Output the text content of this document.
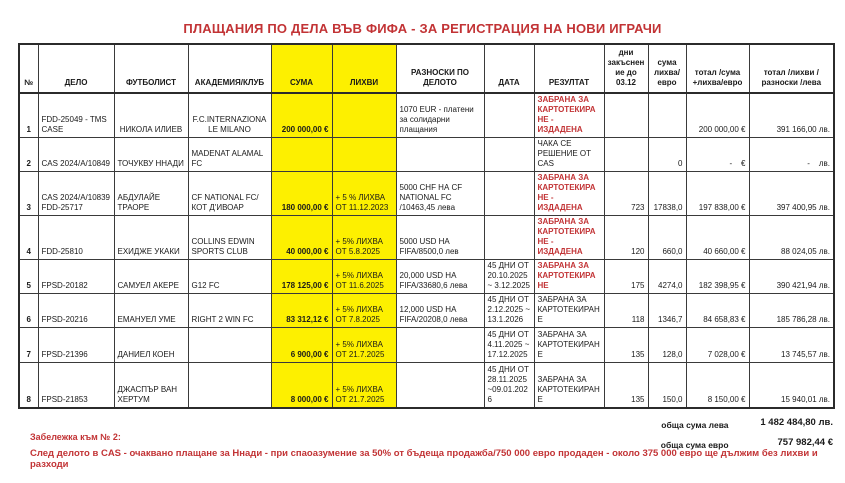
ПЛАЩАНИЯ ПО ДЕЛА ВЪВ ФИФА - ЗА РЕГИСТРАЦИЯ НА НОВИ ИГРАЧИ
№	ДЕЛО	ФУТБОЛИСТ	АКАДЕМИЯ/КЛУБ	СУМА	ЛИХВИ	РАЗНОСКИ ПО ДЕЛОТО	ДАТА	РЕЗУЛТАТ	дни закъснение до 03.12	сума лихва/евро	тотал /сума +лихва/евро	тотал /лихви /разноски /лева
1	FDD-25049 - TMS CASE	НИКОЛА ИЛИЕВ	F.C.INTERNAZIONALE MILANO	200 000,00 €		1070 EUR - платени за солидарни плащания		ЗАБРАНА ЗА КАРТОТЕКИРАНЕ - ИЗДАДЕНА			200 000,00 €	391 166,00 лв.
2	CAS 2024/A/10849	ТОЧУКВУ ННАДИ	MADENAT ALAMAL FC					ЧАКА СЕ РЕШЕНИЕ ОТ CAS		0	-    €	-    лв.
3	CAS 2024/A/10839 FDD-25717	АБДУЛАЙЕ ТРАОРЕ	CF NATIONAL FC/ КОТ Д'ИВОАР	180 000,00 €	+ 5 % ЛИХВА ОТ 11.12.2023	5000 CHF НА CF NATIONAL FC /10463,45 лева		ЗАБРАНА ЗА КАРТОТЕКИРАНЕ - ИЗДАДЕНА	723	17838,0	197 838,00 €	397 400,95 лв.
4	FDD-25810	ЕХИДЖЕ УКАКИ	COLLINS EDWIN SPORTS CLUB	40 000,00 €	+ 5% ЛИХВА ОТ 5.8.2025	5000 USD НА FIFA/8500,0 лев		ЗАБРАНА ЗА КАРТОТЕКИРАНЕ - ИЗДАДЕНА	120	660,0	40 660,00 €	88 024,05 лв.
5	FPSD-20182	САМУЕЛ АКЕРЕ	G12 FC	178 125,00 €	+ 5% ЛИХВА ОТ 11.6.2025	20,000 USD НА FIFA/33680,6 лева	45 ДНИ ОТ 20.10.2025 ~ 3.12.2025	ЗАБРАНА ЗА КАРТОТЕКИРАНЕ	175	4274,0	182 398,95 €	390 421,94 лв.
6	FPSD-20216	ЕМАНУЕЛ УМЕ	RIGHT 2 WIN FC	83 312,12 €	+ 5% ЛИХВА ОТ 7.8.2025	12,000 USD НА FIFA/20208,0 лева	45 ДНИ ОТ 2.12.2025 ~ 13.1.2026	ЗАБРАНА ЗА КАРТОТЕКИРАНЕ	118	1346,7	84 658,83 €	185 786,28 лв.
7	FPSD-21396	ДАНИЕЛ КОЕН		6 900,00 €	+ 5% ЛИХВА ОТ 21.7.2025		45 ДНИ ОТ 4.11.2025 ~ 17.12.2025	ЗАБРАНА ЗА КАРТОТЕКИРАНЕ	135	128,0	7 028,00 €	13 745,57 лв.
8	FPSD-21853	ДЖАСПЪР ВАН ХЕРТУМ		8 000,00 €	+ 5% ЛИХВА ОТ 21.7.2025		45 ДНИ ОТ 28.11.2025 ~09.01.2026	ЗАБРАНА ЗА КАРТОТЕКИРАНЕ	135	150,0	8 150,00 €	15 940,01 лв.
обща сума лева	1 482 484,80 лв.
обща сума евро	757 982,44 €
Забележка към № 2:
След делото в CAS - очаквано плащане за Ннади - при спаоазумение за 50% от бъдеща продажба/750 000 евро продаден - около 375 000 евро ще дължим без лихви и разходи
